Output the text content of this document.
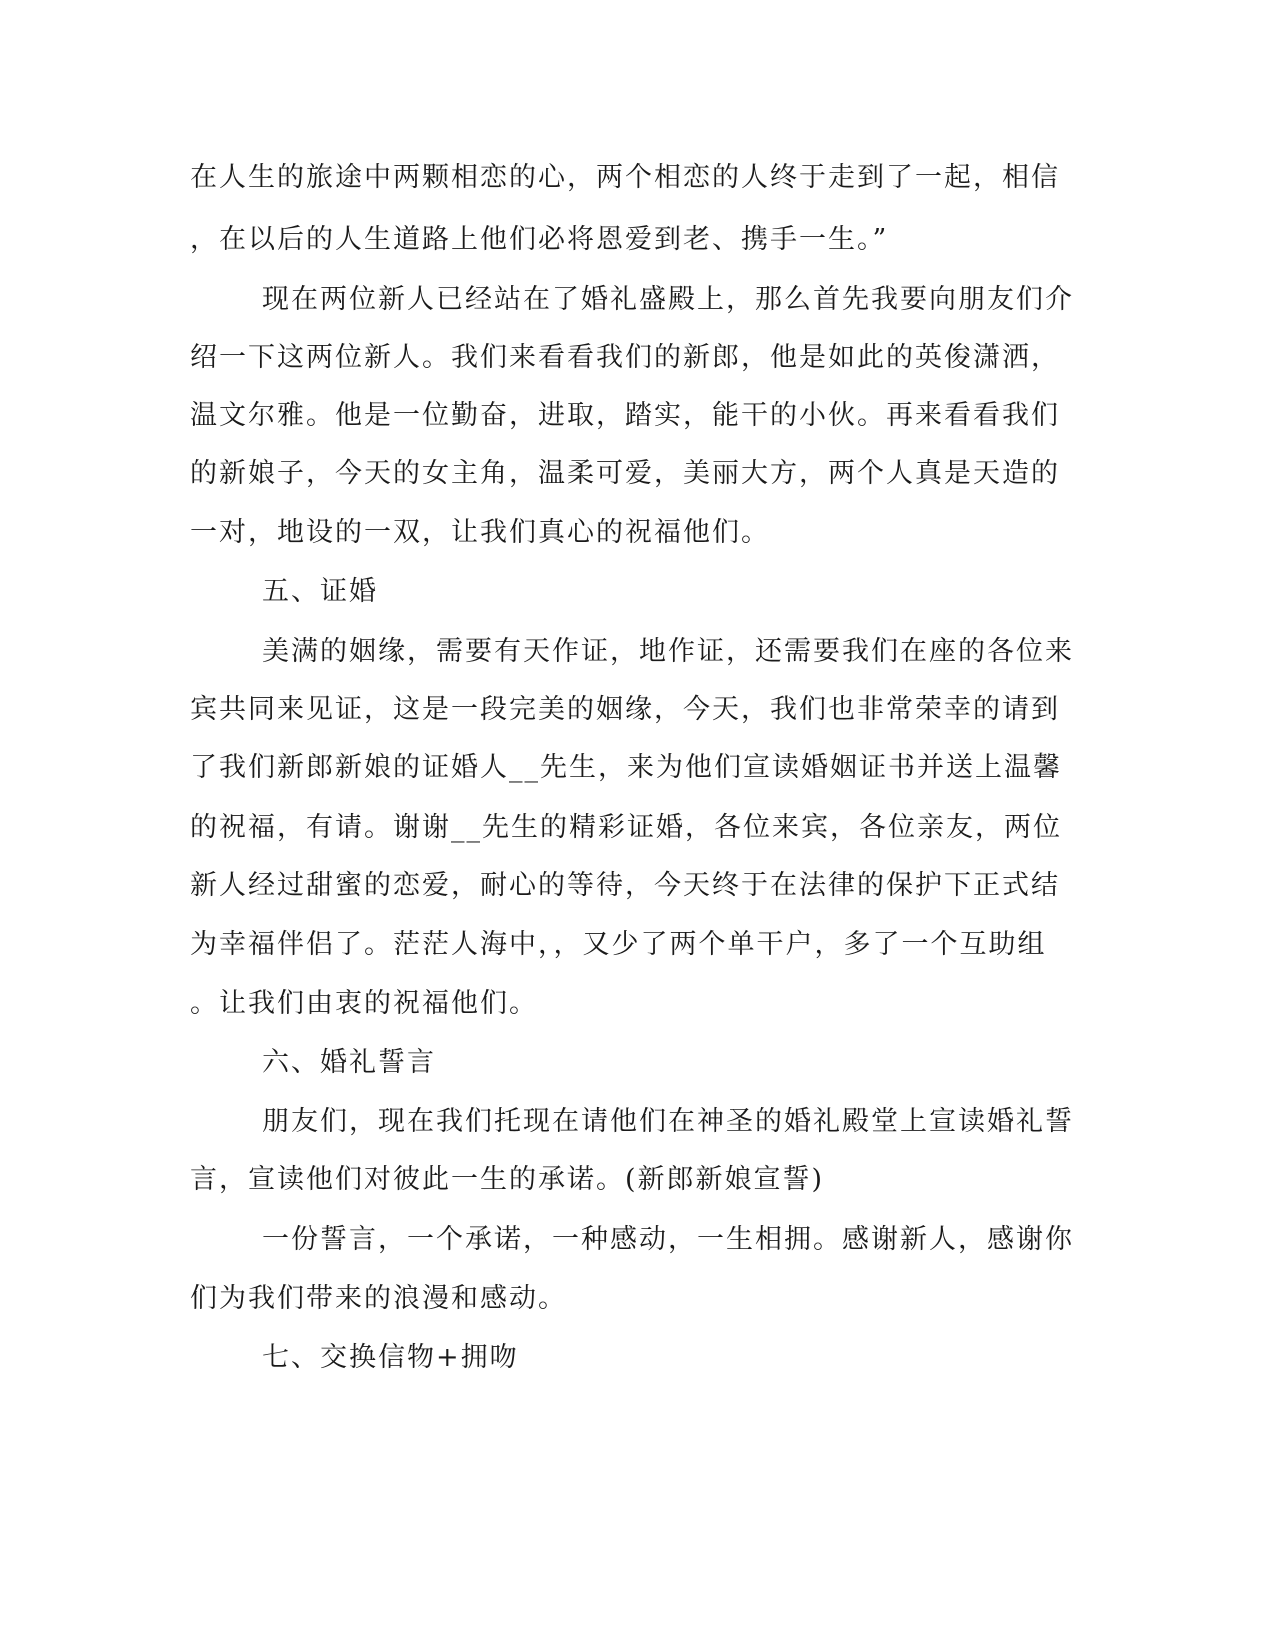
在人生的旅途中两颗相恋的心，两个相恋的人终于走到了一起，相信
，在以后的人生道路上他们必将恩爱到老、携手一生。”
现在两位新人已经站在了婚礼盛殿上，那么首先我要向朋友们介
绍一下这两位新人。我们来看看我们的新郎，他是如此的英俊潇洒，
温文尔雅。他是一位勤奋，进取，踏实，能干的小伙。再来看看我们
的新娘子，今天的女主角，温柔可爱，美丽大方，两个人真是天造的
一对，地设的一双，让我们真心的祝福他们。
五、证婚
美满的姻缘，需要有天作证，地作证，还需要我们在座的各位来
宾共同来见证，这是一段完美的姻缘，今天，我们也非常荣幸的请到
了我们新郎新娘的证婚人__先生，来为他们宣读婚姻证书并送上温馨
的祝福，有请。谢谢__先生的精彩证婚，各位来宾，各位亲友，两位
新人经过甜蜜的恋爱，耐心的等待，今天终于在法律的保护下正式结
为幸福伴侣了。茫茫人海中，，又少了两个单干户，多了一个互助组
。让我们由衷的祝福他们。
六、婚礼誓言
朋友们，现在我们托现在请他们在神圣的婚礼殿堂上宣读婚礼誓
言，宣读他们对彼此一生的承诺。(新郎新娘宣誓)
一份誓言，一个承诺，一种感动，一生相拥。感谢新人，感谢你
们为我们带来的浪漫和感动。
七、交换信物+拥吻
